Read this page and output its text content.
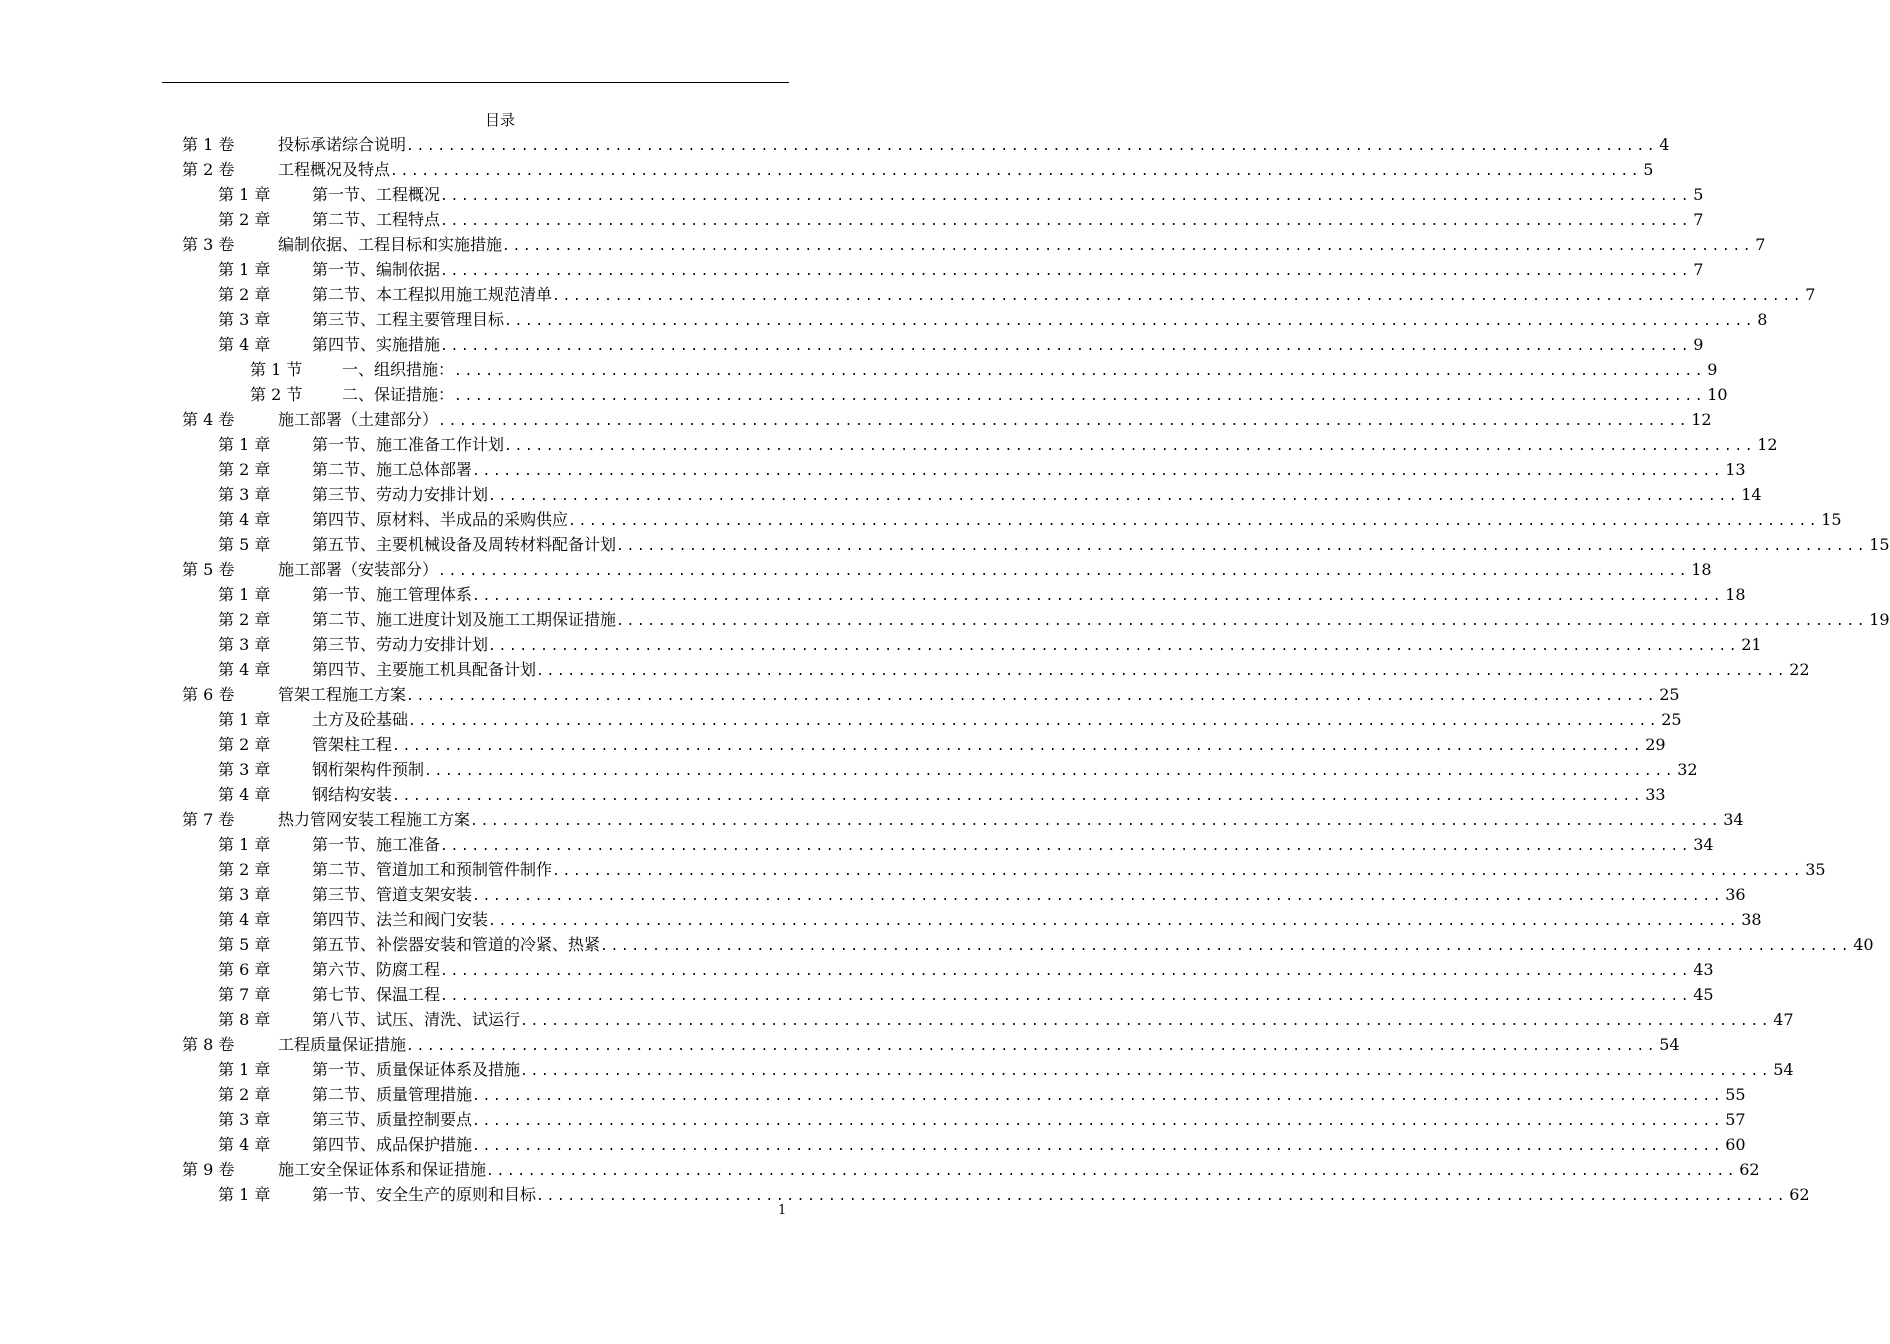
目录
第 1 卷	投标承诺综合说明 ........................................................................................................................ 4
第 2 卷	工程概况及特点 ........................................................................................................................ 5
第 1 章	第一节、工程概况 ........................................................................................................................ 5
第 2 章	第二节、工程特点 ........................................................................................................................ 7
第 3 卷	编制依据、工程目标和实施措施 ........................................................................................................................ 7
第 1 章	第一节、编制依据 ........................................................................................................................ 7
第 2 章	第二节、本工程拟用施工规范清单 ........................................................................................................................ 7
第 3 章	第三节、工程主要管理目标 ........................................................................................................................ 8
第 4 章	第四节、实施措施 ........................................................................................................................ 9
第 1 节 一、组织措施： ........................................................................................................................ 9
第 2 节 二、保证措施： ........................................................................................................................ 10
第 4 卷	施工部署（土建部分） ........................................................................................................................ 12
第 1 章	第一节、施工准备工作计划 ........................................................................................................................ 12
第 2 章	第二节、施工总体部署 ........................................................................................................................ 13
第 3 章	第三节、劳动力安排计划 ........................................................................................................................ 14
第 4 章	第四节、原材料、半成品的采购供应 ........................................................................................................................ 15
第 5 章	第五节、主要机械设备及周转材料配备计划 ........................................................................................................................ 15
第 5 卷	施工部署（安装部分） ........................................................................................................................ 18
第 1 章	第一节、施工管理体系 ........................................................................................................................ 18
第 2 章	第二节、施工进度计划及施工工期保证措施 ........................................................................................................................ 19
第 3 章	第三节、劳动力安排计划 ........................................................................................................................ 21
第 4 章	第四节、主要施工机具配备计划 ........................................................................................................................ 22
第 6 卷	管架工程施工方案 ........................................................................................................................ 25
第 1 章	土方及砼基础 ........................................................................................................................ 25
第 2 章	管架柱工程 ........................................................................................................................ 29
第 3 章	钢桁架构件预制 ........................................................................................................................ 32
第 4 章	钢结构安装 ........................................................................................................................ 33
第 7 卷	热力管网安装工程施工方案 ........................................................................................................................ 34
第 1 章	第一节、施工准备 ........................................................................................................................ 34
第 2 章	第二节、管道加工和预制管件制作 ........................................................................................................................ 35
第 3 章	第三节、管道支架安装 ........................................................................................................................ 36
第 4 章	第四节、法兰和阀门安装 ........................................................................................................................ 38
第 5 章	第五节、补偿器安装和管道的冷紧、热紧 ........................................................................................................................ 40
第 6 章	第六节、防腐工程 ........................................................................................................................ 43
第 7 章	第七节、保温工程 ........................................................................................................................ 45
第 8 章	第八节、试压、清洗、试运行 ........................................................................................................................ 47
第 8 卷	工程质量保证措施 ........................................................................................................................ 54
第 1 章	第一节、质量保证体系及措施 ........................................................................................................................ 54
第 2 章	第二节、质量管理措施 ........................................................................................................................ 55
第 3 章	第三节、质量控制要点 ........................................................................................................................ 57
第 4 章	第四节、成品保护措施 ........................................................................................................................ 60
第 9 卷	施工安全保证体系和保证措施 ........................................................................................................................ 62
第 1 章	第一节、安全生产的原则和目标 ........................................................................................................................ 62
1
